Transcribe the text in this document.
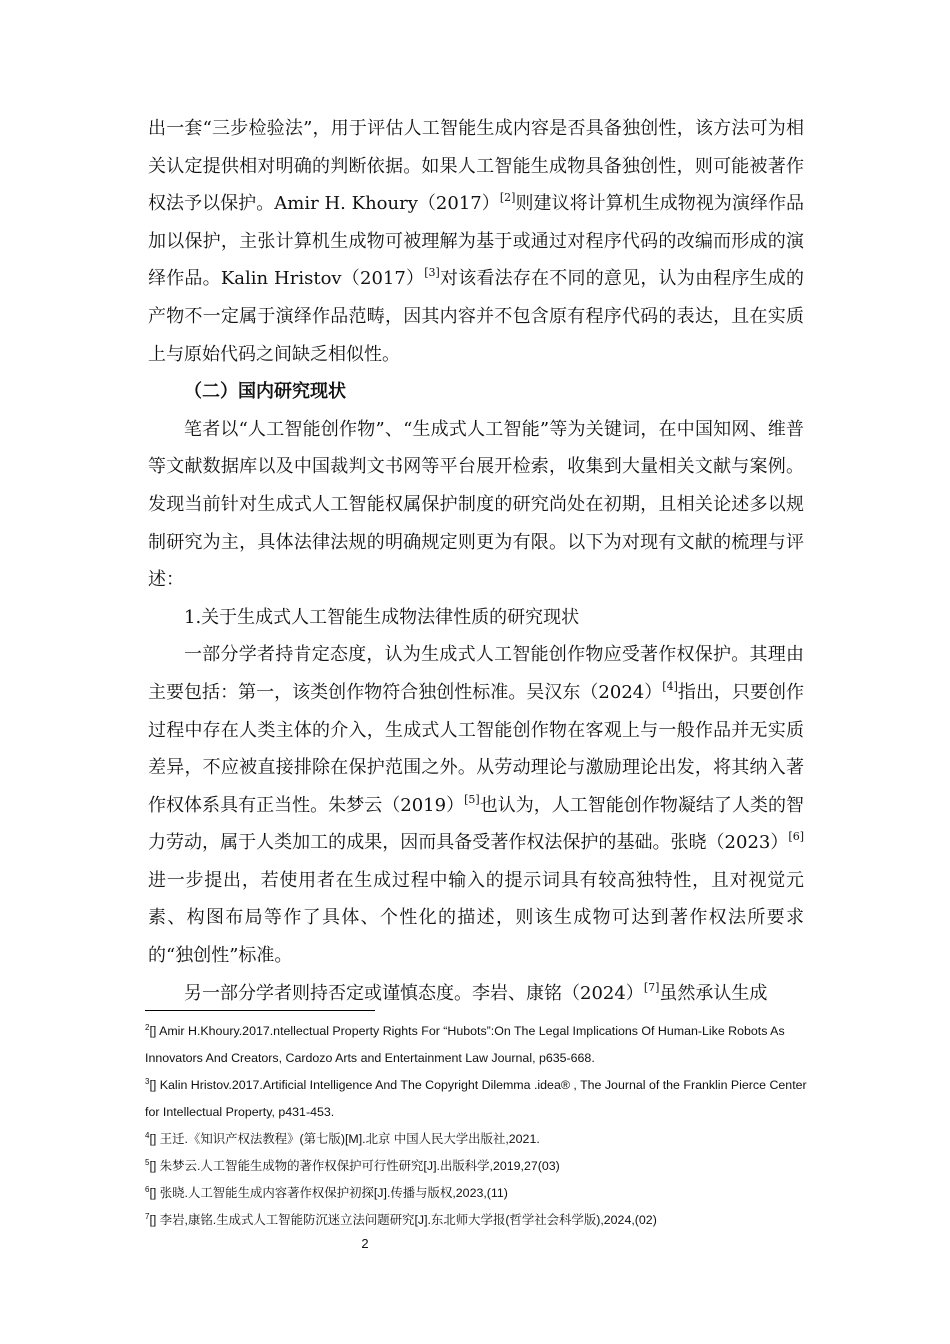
出一套“三步检验法”，用于评估人工智能生成内容是否具备独创性，该方法可为相关认定提供相对明确的判断依据。如果人工智能生成物具备独创性，则可能被著作权法予以保护。Amir H. Khoury（2017）[2]则建议将计算机生成物视为演绎作品加以保护，主张计算机生成物可被理解为基于或通过对程序代码的改编而形成的演绎作品。Kalin Hristov（2017）[3]对该看法存在不同的意见，认为由程序生成的产物不一定属于演绎作品范畴，因其内容并不包含原有程序代码的表达，且在实质上与原始代码之间缺乏相似性。

（二）国内研究现状

笔者以“人工智能创作物”、“生成式人工智能”等为关键词，在中国知网、维普等文献数据库以及中国裁判文书网等平台展开检索，收集到大量相关文献与案例。发现当前针对生成式人工智能权属保护制度的研究尚处在初期，且相关论述多以规制研究为主，具体法律法规的明确规定则更为有限。以下为对现有文献的梳理与评述：

1.关于生成式人工智能生成物法律性质的研究现状

一部分学者持肯定态度，认为生成式人工智能创作物应受著作权保护。其理由主要包括：第一，该类创作物符合独创性标准。吴汉东（2024）[4]指出，只要创作过程中存在人类主体的介入，生成式人工智能创作物在客观上与一般作品并无实质差异，不应被直接排除在保护范围之外。从劳动理论与激励理论出发，将其纳入著作权体系具有正当性。朱梦云（2019）[5]也认为，人工智能创作物凝结了人类的智力劳动，属于人类加工的成果，因而具备受著作权法保护的基础。张晓（2023）[6]进一步提出，若使用者在生成过程中输入的提示词具有较高独特性，且对视觉元素、构图布局等作了具体、个性化的描述，则该生成物可达到著作权法所要求的“独创性”标准。

另一部分学者则持否定或谨慎态度。李岩、康铭（2024）[7]虽然承认生成

$^2$[] Amir H.Khoury.2017.ntellectual Property Rights For “Hubots”:On The Legal Implications Of Human-Like Robots As Innovators And Creators, Cardozo Arts and Entertainment Law Journal, p635-668.

$^3$[] Kalin Hristov.2017.Artificial Intelligence And The Copyright Dilemma .idea® , The Journal of the Franklin Pierce Center for Intellectual Property, p431-453.

$^4$[] 王迁.《知识产权法教程》(第七版)[M].北京 中国人民大学出版社,2021.

$^5$[] 朱梦云.人工智能生成物的著作权保护可行性研究[J].出版科学,2019,27(03)

$^6$[] 张晓.人工智能生成内容著作权保护初探[J].传播与版权,2023,(11)

$^7$[] 李岩,康铭.生成式人工智能防沉迷立法问题研究[J].东北师大学报(哲学社会科学版),2024,(02)

2
